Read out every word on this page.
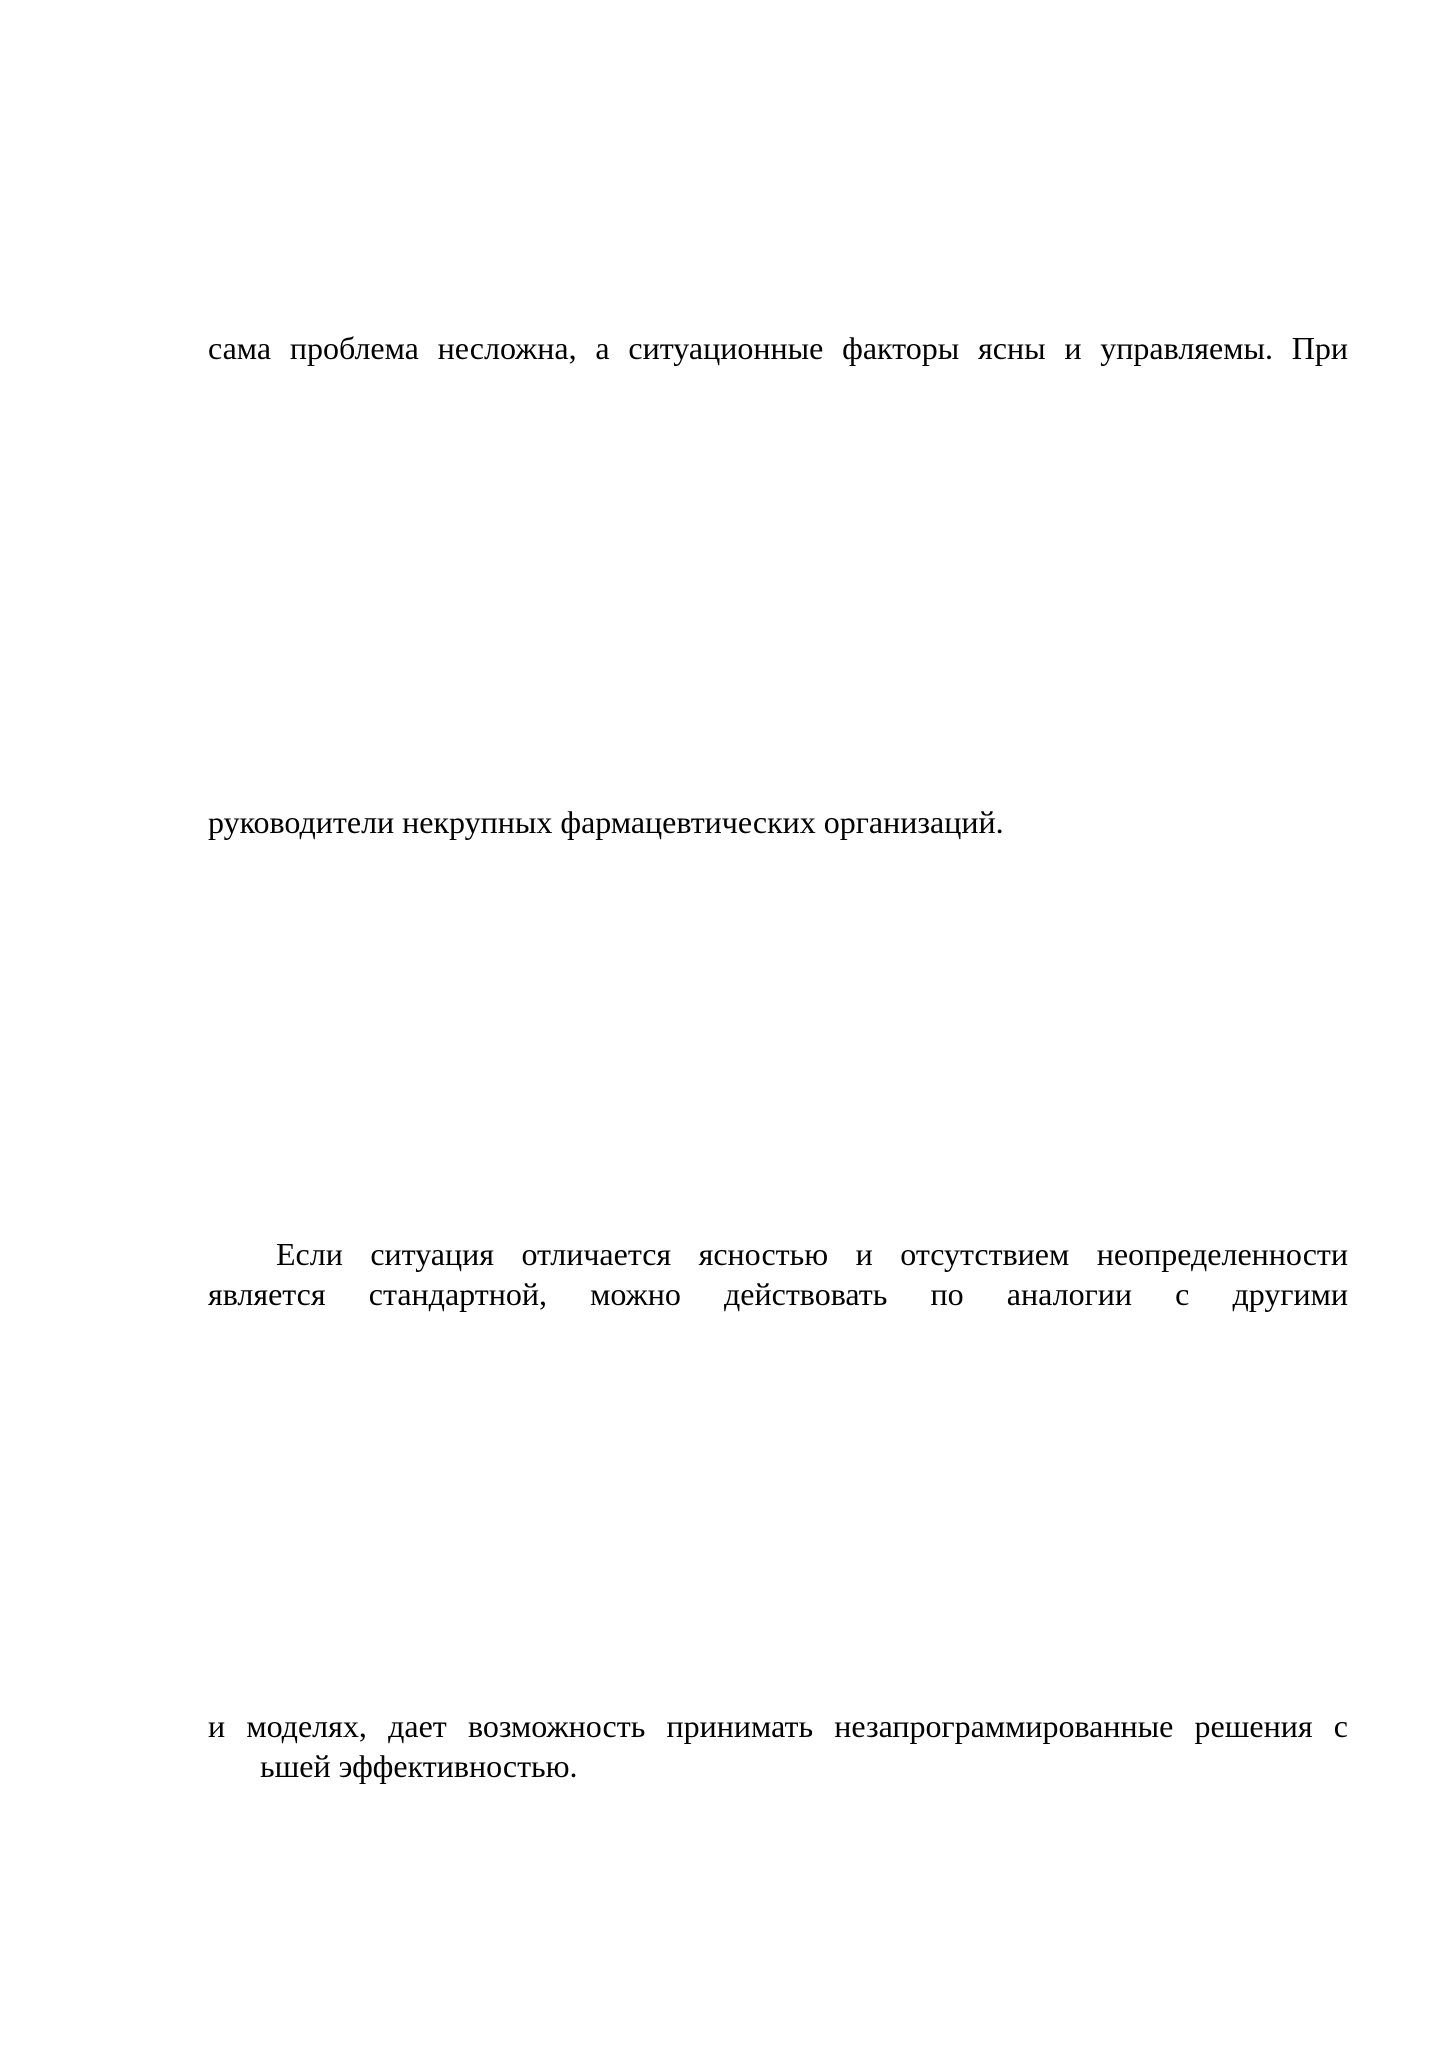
сама проблема несложна, а ситуационные факторы ясны и управляемы. При
руководители некрупных фармацевтических организаций.
Если ситуация отличается ясностью и отсутствием неопределенности
является стандартной, можно действовать по аналогии с другими
и моделях, дает возможность принимать незапрограммированные решения с
ьшей эффективностью.
